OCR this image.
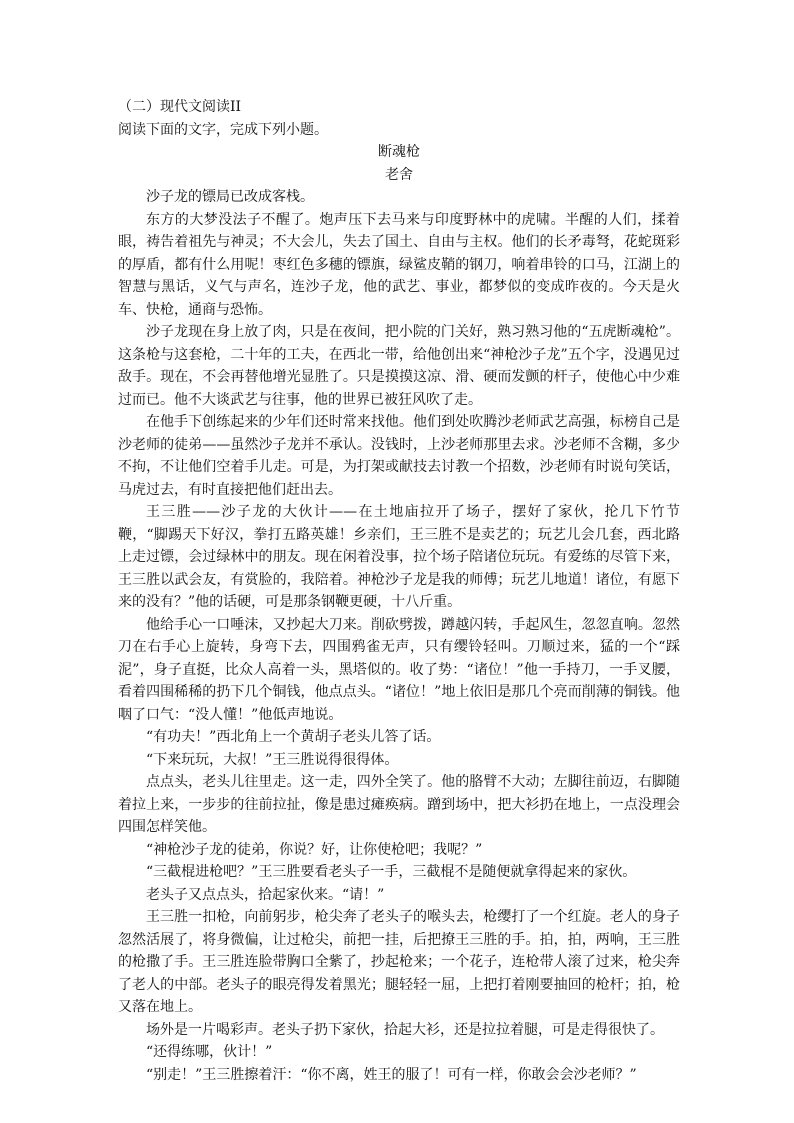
（二）现代文阅读II

阅读下面的文字，完成下列小题。

断魂枪

老舍

沙子龙的镖局已改成客栈。

东方的大梦没法子不醒了。炮声压下去马来与印度野林中的虎啸。半醒的人们，揉着眼，祷告着祖先与神灵；不大会儿，失去了国土、自由与主权。他们的长矛毒弩，花蛇斑彩的厚盾，都有什么用呢！枣红色多穗的镖旗，绿鲨皮鞘的钢刀，响着串铃的口马，江湖上的智慧与黑话，义气与声名，连沙子龙，他的武艺、事业，都梦似的变成昨夜的。今天是火车、快枪，通商与恐怖。

沙子龙现在身上放了肉，只是在夜间，把小院的门关好，熟习熟习他的“五虎断魂枪”。这条枪与这套枪，二十年的工夫，在西北一带，给他创出来“神枪沙子龙”五个字，没遇见过敌手。现在，不会再替他增光显胜了。只是摸摸这凉、滑、硬而发颤的杆子，使他心中少难过而已。他不大谈武艺与往事，他的世界已被狂风吹了走。

在他手下创练起来的少年们还时常来找他。他们到处吹腾沙老师武艺高强，标榜自己是沙老师的徒弟——虽然沙子龙并不承认。没钱时，上沙老师那里去求。沙老师不含糊，多少不拘，不让他们空着手儿走。可是，为打架或献技去讨教一个招数，沙老师有时说句笑话，马虎过去，有时直接把他们赶出去。

王三胜——沙子龙的大伙计——在土地庙拉开了场子，摆好了家伙，抡几下竹节鞭，“脚踢天下好汉，拳打五路英雄！乡亲们，王三胜不是卖艺的；玩艺儿会几套，西北路上走过镖，会过绿林中的朋友。现在闲着没事，拉个场子陪诸位玩玩。有爱练的尽管下来，王三胜以武会友，有赏脸的，我陪着。神枪沙子龙是我的师傅；玩艺儿地道！诸位，有愿下来的没有？”他的话硬，可是那条钢鞭更硬，十八斤重。

他给手心一口唾沫，又抄起大刀来。削砍劈拨，蹲越闪转，手起风生，忽忽直响。忽然刀在右手心上旋转，身弯下去，四围鸦雀无声，只有缨铃轻叫。刀顺过来，猛的一个“踩泥”，身子直挺，比众人高着一头，黑塔似的。收了势：“诸位！”他一手持刀，一手叉腰，看着四围稀稀的扔下几个铜钱，他点点头。“诸位！”地上依旧是那几个亮而削薄的铜钱。他咽了口气：“没人懂！”他低声地说。

“有功夫！”西北角上一个黄胡子老头儿答了话。

“下来玩玩，大叔！”王三胜说得很得体。

点点头，老头儿往里走。这一走，四外全笑了。他的胳臂不大动；左脚往前迈，右脚随着拉上来，一步步的往前拉扯，像是患过瘫痪病。蹭到场中，把大衫扔在地上，一点没理会四围怎样笑他。

“神枪沙子龙的徒弟，你说？好，让你使枪吧；我呢？”

“三截棍进枪吧？”王三胜要看老头子一手，三截棍不是随便就拿得起来的家伙。

老头子又点点头，拾起家伙来。“请！”

王三胜一扣枪，向前躬步，枪尖奔了老头子的喉头去，枪缨打了一个红旋。老人的身子忽然活展了，将身微偏，让过枪尖，前把一挂，后把撩王三胜的手。拍，拍，两响，王三胜的枪撒了手。王三胜连脸带胸口全紫了，抄起枪来；一个花子，连枪带人滚了过来，枪尖奔了老人的中部。老头子的眼亮得发着黑光；腿轻轻一屈，上把打着刚要抽回的枪杆；拍，枪又落在地上。

场外是一片喝彩声。老头子扔下家伙，拾起大衫，还是拉拉着腿，可是走得很快了。

“还得练哪，伙计！”

“别走！”王三胜擦着汗：“你不离，姓王的服了！可有一样，你敢会会沙老师？”
